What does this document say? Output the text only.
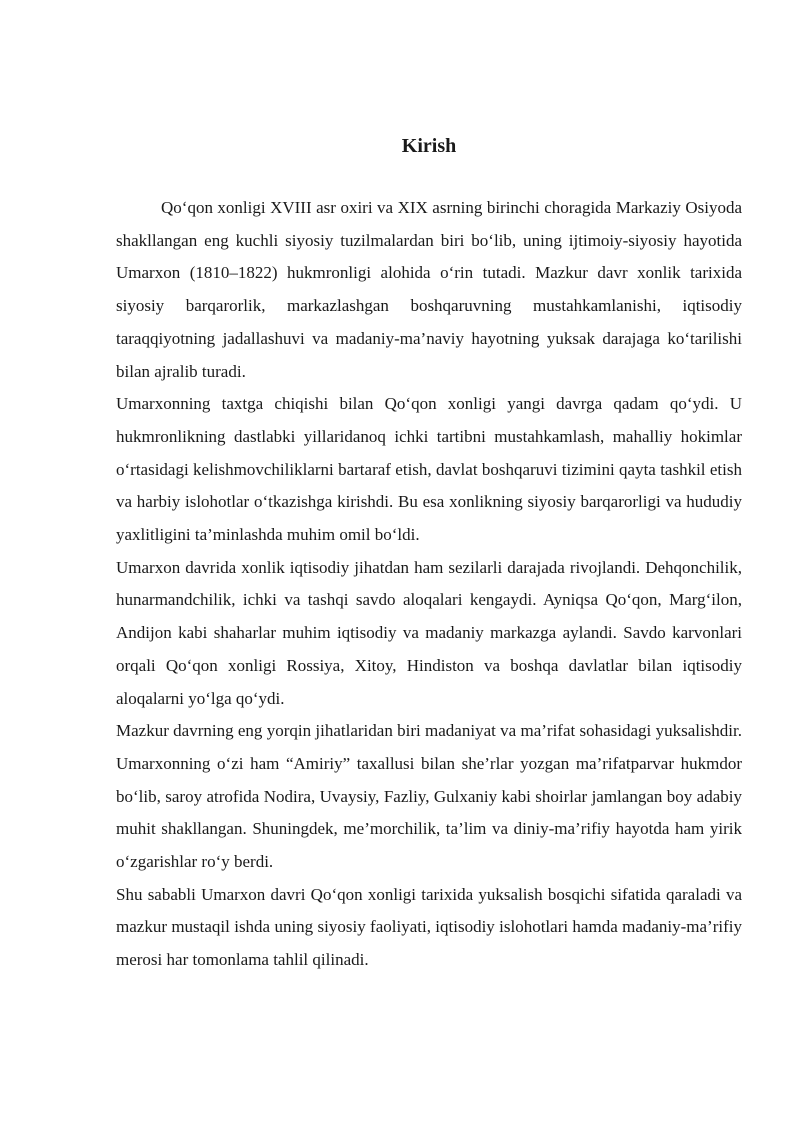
Kirish

Qo‘qon xonligi XVIII asr oxiri va XIX asrning birinchi choragida Markaziy Osiyoda shakllangan eng kuchli siyosiy tuzilmalardan biri bo‘lib, uning ijtimoiy-siyosiy hayotida Umarxon (1810–1822) hukmronligi alohida o‘rin tutadi. Mazkur davr xonlik tarixida siyosiy barqarorlik, markazlashgan boshqaruvning mustahkamlanishi, iqtisodiy taraqqiyotning jadallashuvi va madaniy-ma’naviy hayotning yuksak darajaga ko‘tarilishi bilan ajralib turadi.

Umarxonning taxtga chiqishi bilan Qo‘qon xonligi yangi davrga qadam qo‘ydi. U hukmronlikning dastlabki yillaridanoq ichki tartibni mustahkamlash, mahalliy hokimlar o‘rtasidagi kelishmovchiliklarni bartaraf etish, davlat boshqaruvi tizimini qayta tashkil etish va harbiy islohotlar o‘tkazishga kirishdi. Bu esa xonlikning siyosiy barqarorligi va hududiy yaxlitligini ta’minlashda muhim omil bo‘ldi.

Umarxon davrida xonlik iqtisodiy jihatdan ham sezilarli darajada rivojlandi. Dehqonchilik, hunarmandchilik, ichki va tashqi savdo aloqalari kengaydi. Ayniqsa Qo‘qon, Marg‘ilon, Andijon kabi shaharlar muhim iqtisodiy va madaniy markazga aylandi. Savdo karvonlari orqali Qo‘qon xonligi Rossiya, Xitoy, Hindiston va boshqa davlatlar bilan iqtisodiy aloqalarni yo‘lga qo‘ydi.

Mazkur davrning eng yorqin jihatlaridan biri madaniyat va ma’rifat sohasidagi yuksalishdir. Umarxonning o‘zi ham “Amiriy” taxallusi bilan she’rlar yozgan ma’rifatparvar hukmdor bo‘lib, saroy atrofida Nodira, Uvaysiy, Fazliy, Gulxaniy kabi shoirlar jamlangan boy adabiy muhit shakllangan. Shuningdek, me’morchilik, ta’lim va diniy-ma’rifiy hayotda ham yirik o‘zgarishlar ro‘y berdi.

Shu sababli Umarxon davri Qo‘qon xonligi tarixida yuksalish bosqichi sifatida qaraladi va mazkur mustaqil ishda uning siyosiy faoliyati, iqtisodiy islohotlari hamda madaniy-ma’rifiy merosi har tomonlama tahlil qilinadi.
